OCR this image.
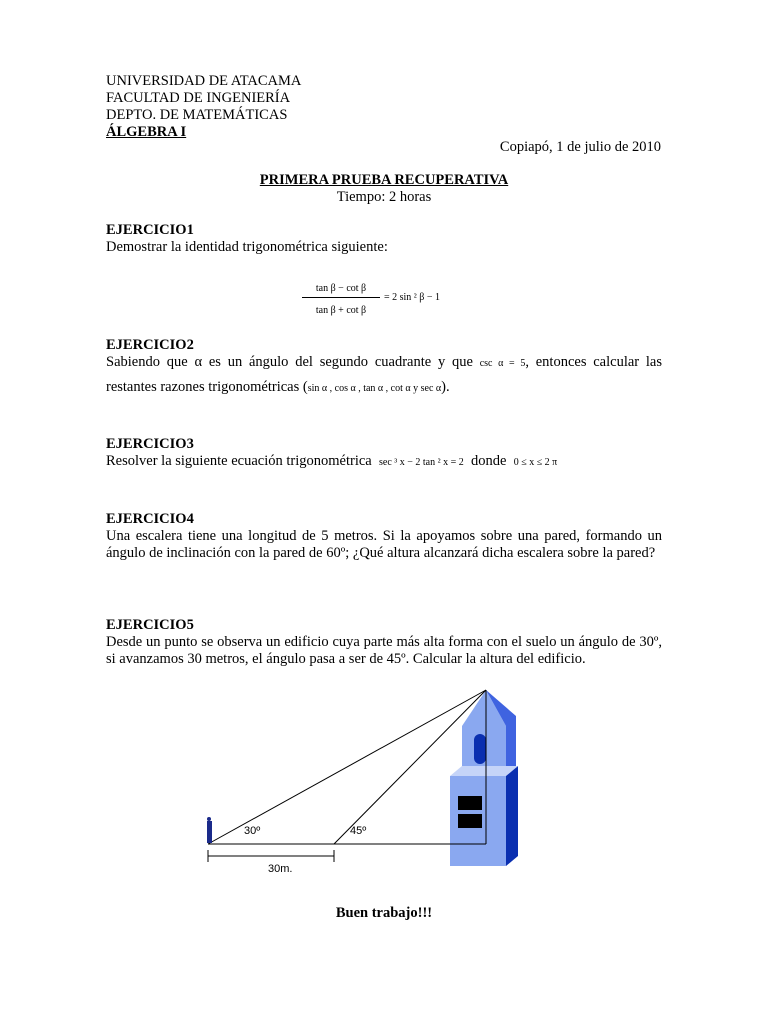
UNIVERSIDAD DE ATACAMA
FACULTAD DE INGENIERÍA
DEPTO. DE MATEMÁTICAS
ÁLGEBRA I
Copiapó, 1 de julio de 2010
PRIMERA PRUEBA RECUPERATIVA
Tiempo: 2 horas
EJERCICIO1
Demostrar la identidad trigonométrica siguiente:
tan β − cot β
tan β + cot β
= 2 sin ² β − 1
EJERCICIO2
Sabiendo que α es un ángulo del segundo cuadrante y que csc α = 5, entonces calcular las
restantes razones trigonométricas (sin α , cos α , tan α , cot α y sec α).
EJERCICIO3
Resolver la siguiente ecuación trigonométrica sec ³ x − 2 tan ² x = 2 donde 0 ≤ x ≤ 2 π
EJERCICIO4
Una escalera tiene una longitud de 5 metros. Si la apoyamos sobre una pared, formando un ángulo de inclinación con la pared de 60º; ¿Qué altura alcanzará dicha escalera sobre la pared?
EJERCICIO5
Desde un punto se observa un edificio cuya parte más alta forma con el suelo un ángulo de 30º, si avanzamos 30 metros, el ángulo pasa a ser de 45º. Calcular la altura del edificio.
30º	45º
30m.
Buen trabajo!!!
